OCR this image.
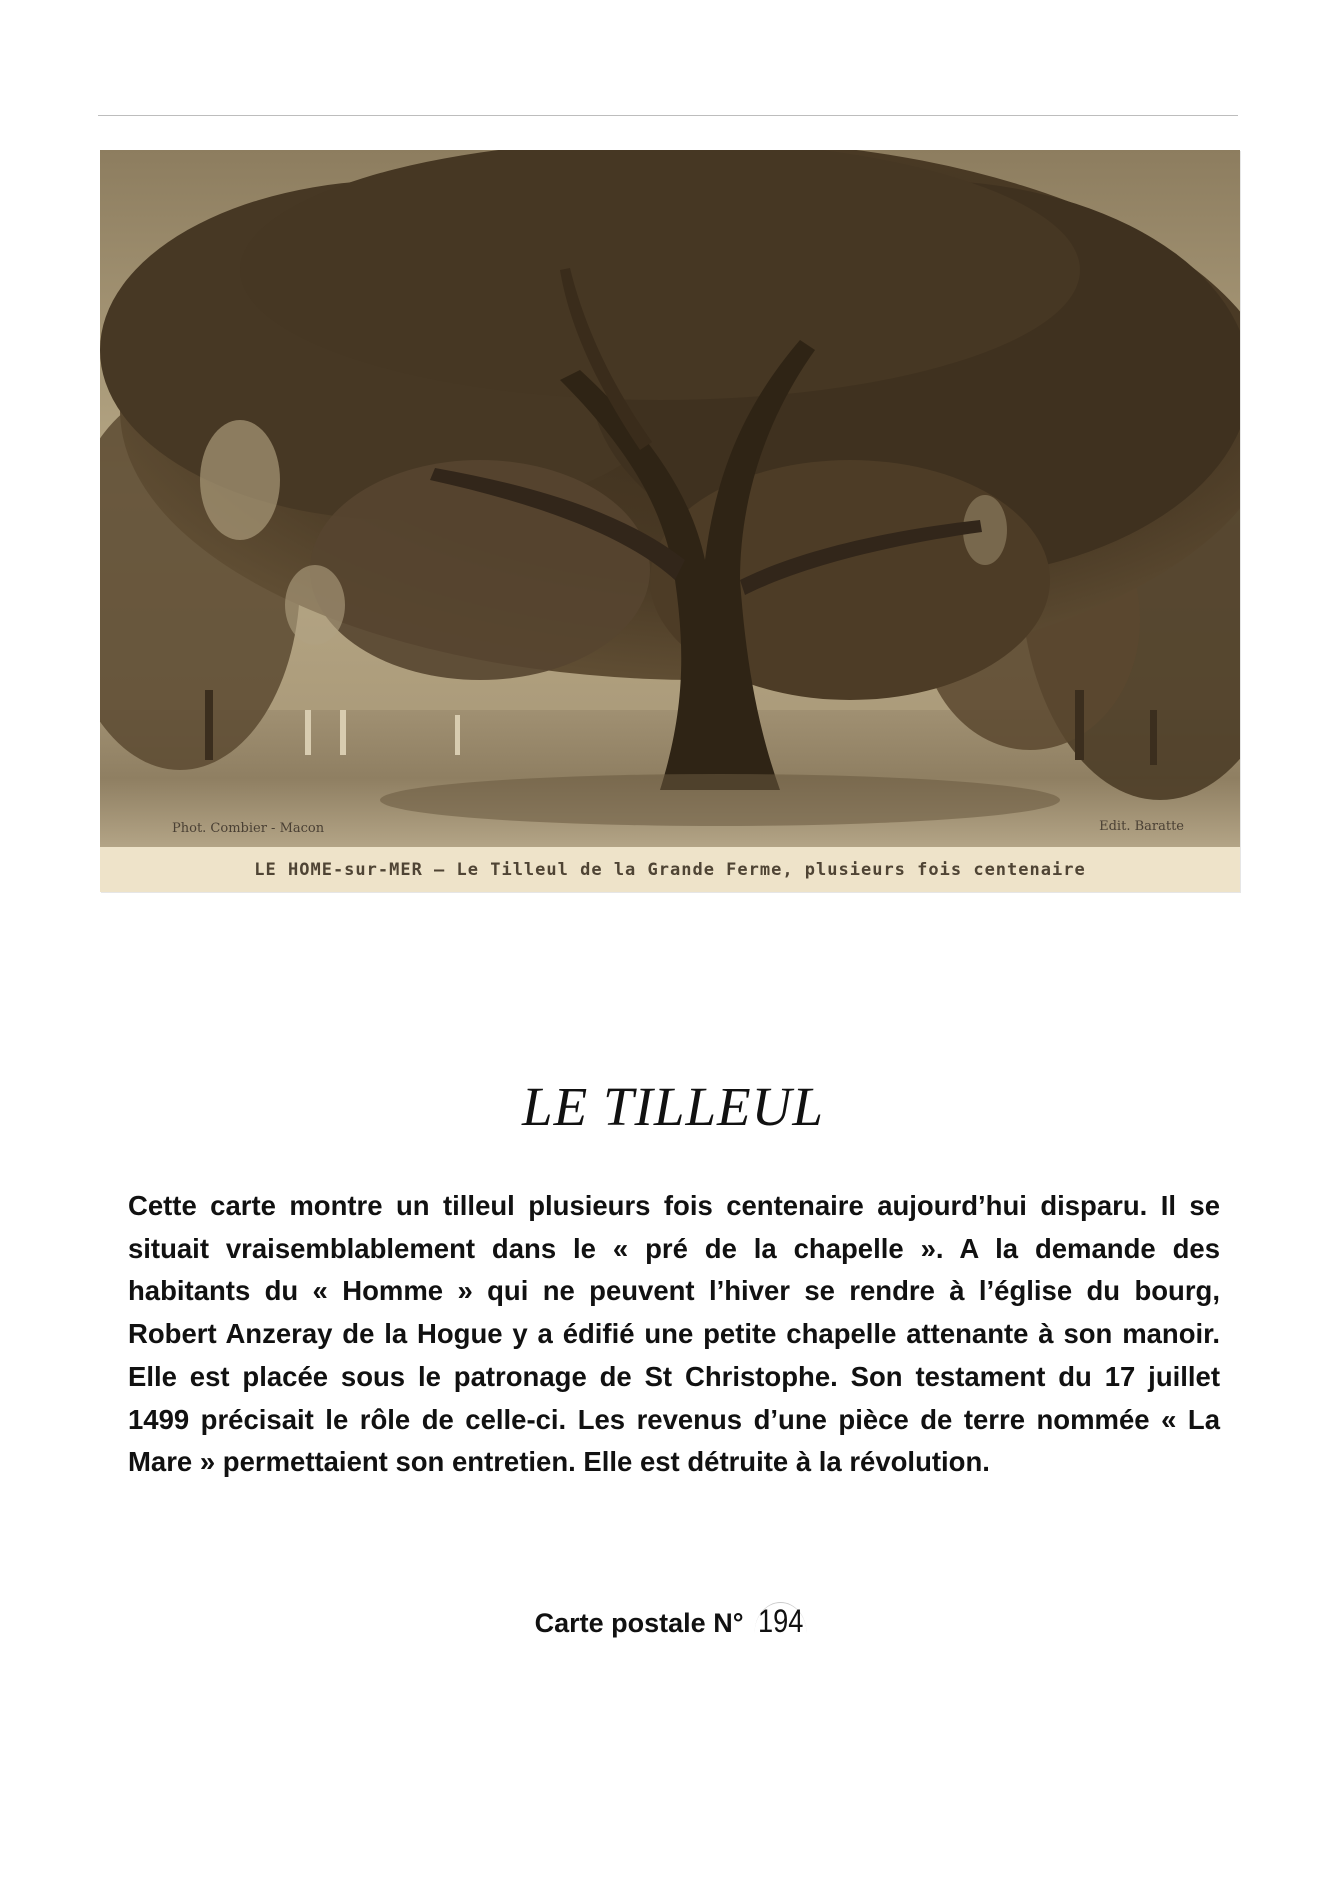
Phot. Combier - Macon	Edit. Baratte
LE HOME-sur-MER — Le Tilleul de la Grande Ferme, plusieurs fois centenaire
LE TILLEUL

Cette carte montre un tilleul plusieurs fois centenaire aujourd’hui disparu. Il se situait vraisemblablement dans le « pré de la chapelle ». A la demande des habitants du « Homme » qui ne peuvent l’hiver se rendre à l’église du bourg, Robert Anzeray de la Hogue y a édifié une petite chapelle attenante à son manoir. Elle est placée sous le patronage de St Christophe. Son testament du 17 juillet 1499 précisait le rôle de celle-ci. Les revenus d’une pièce de terre nommée « La Mare » permettaient son entretien. Elle est détruite à la révolution.

Carte postale N° 194
